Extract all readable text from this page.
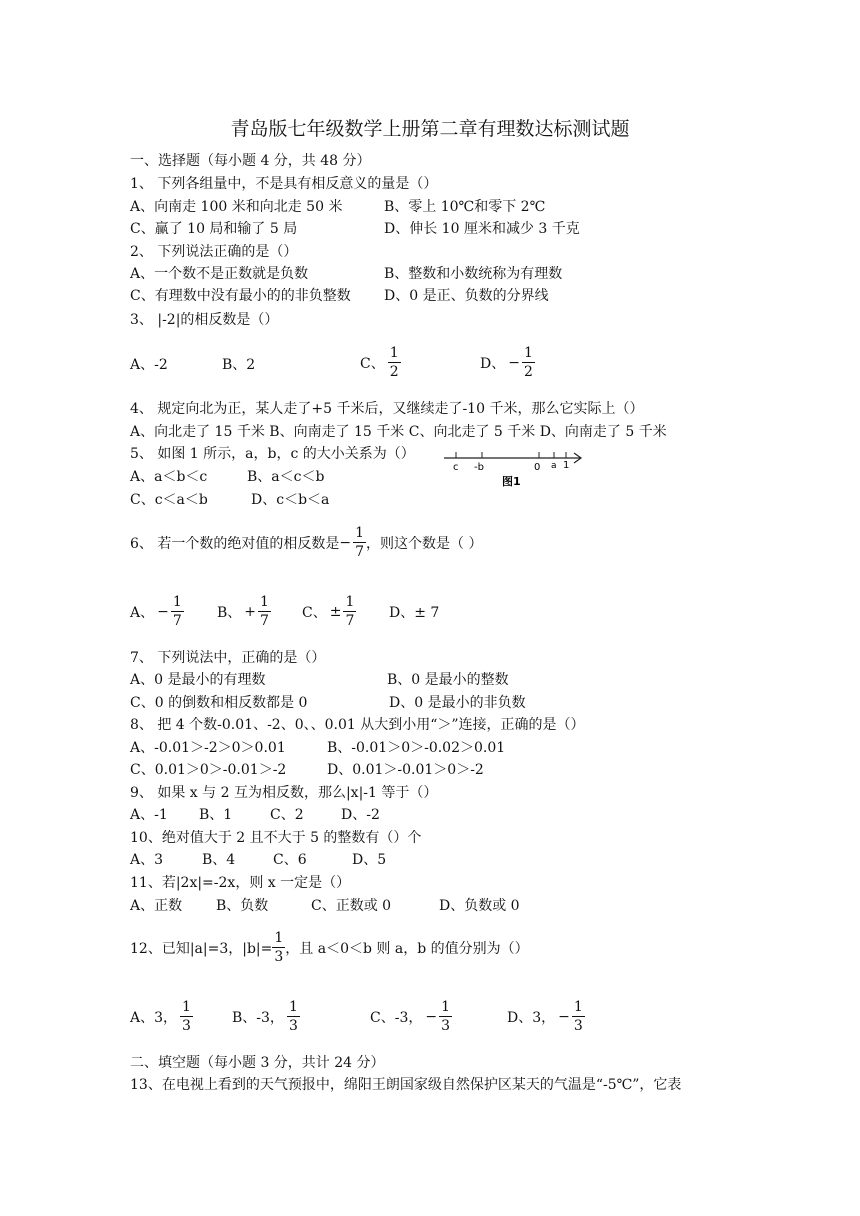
青岛版七年级数学上册第二章有理数达标测试题
一、选择题（每小题 4 分，共 48 分）
1、 下列各组量中，不是具有相反意义的量是（）
A、向南走 100 米和向北走 50 米	B、零上 10℃和零下 2℃
C、赢了 10 局和输了 5 局	D、伸长 10 厘米和减少 3 千克
2、 下列说法正确的是（）
A、一个数不是正数就是负数	B、整数和小数统称为有理数
C、有理数中没有最小的的非负整数 D、0 是正、负数的分界线
3、 |-2|的相反数是（）
A、-2	B、2	C、 $\frac{1}{2}$	D、 − $\frac{1}{2}$
4、 规定向北为正，某人走了+5 千米后，又继续走了-10 千米，那么它实际上（）
A、向北走了 15 千米 B、向南走了 15 千米 C、向北走了 5 千米 D、向南走了 5 千米
5、 如图 1 所示，a，b，c 的大小关系为（）
A、a＜b＜c	B、a＜c＜b
C、c＜a＜b	D、c＜b＜a
c -b	0 a 1
图1
6、 若一个数的绝对值的相反数是 − $\frac{1}{7}$ ，则这个数是（ ）
A、 − $\frac{1}{7}$ B、 + $\frac{1}{7}$ C、 ± $\frac{1}{7}$ D、± 7
7、 下列说法中，正确的是（）
A、0 是最小的有理数	B、0 是最小的整数
C、0 的倒数和相反数都是 0	D、0 是最小的非负数
8、 把 4 个数-0.01、-2、0、、0.01 从大到小用“＞”连接，正确的是（）
A、-0.01＞-2＞0＞0.01	B、-0.01＞0＞-0.02＞0.01
C、0.01＞0＞-0.01＞-2	D、0.01＞-0.01＞0＞-2
9、 如果 x 与 2 互为相反数，那么|x|-1 等于（）
A、-1 B、1	C、2	D、-2
10、绝对值大于 2 且不大于 5 的整数有（）个
A、3	B、4	C、6	D、5
11、若|2x|=-2x，则 x 一定是（）
A、正数 B、负数	C、正数或 0	D、负数或 0
12、已知|a|=3，$|b|= \frac{1}{3}$ ，且 a＜0＜b 则 a，b 的值分别为（）
A、3， $\frac{1}{3}$	B、-3， $\frac{1}{3}$	C、-3， − $\frac{1}{3}$	D、3， − $\frac{1}{3}$
二、填空题（每小题 3 分，共计 24 分）
13、在电视上看到的天气预报中，绵阳王朗国家级自然保护区某天的气温是“-5℃”，它表
